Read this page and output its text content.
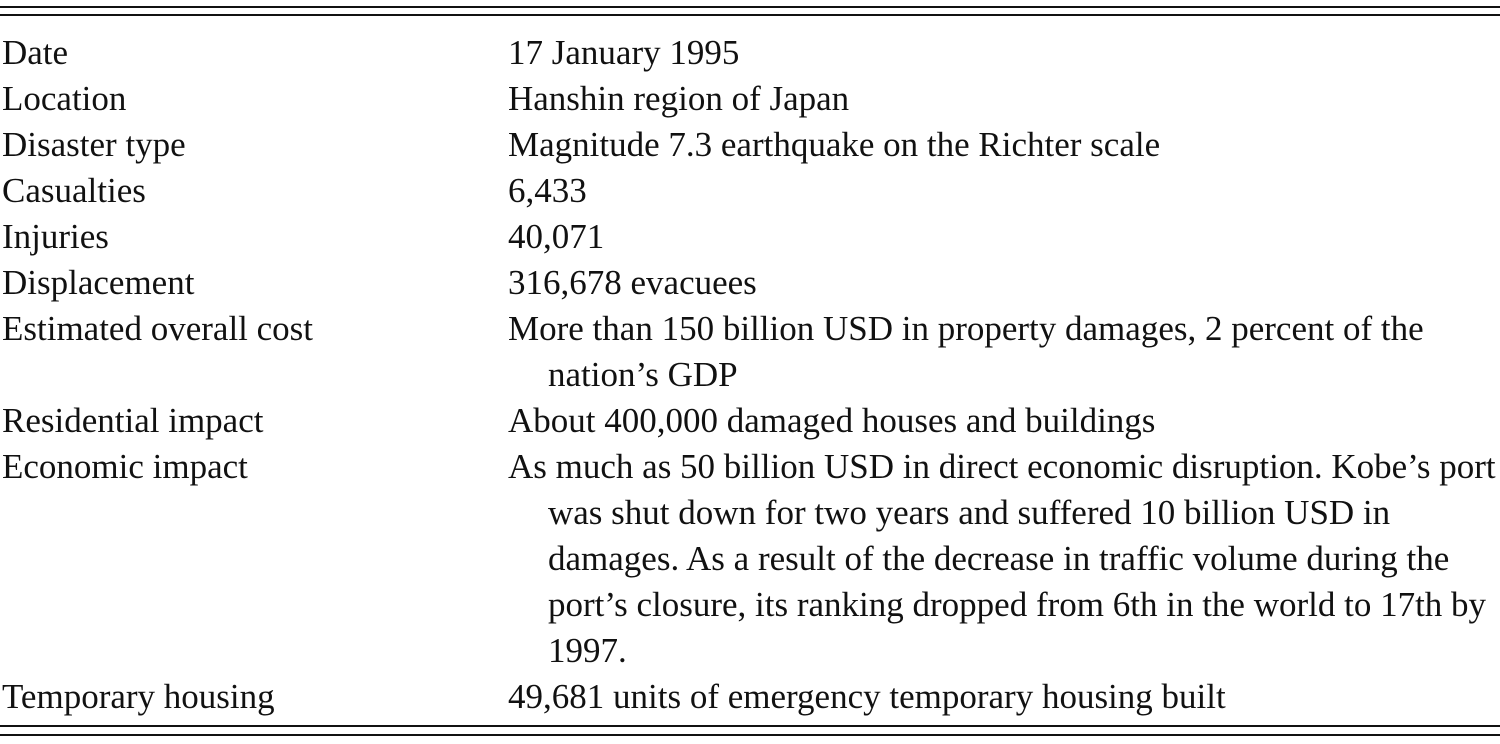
Date	17 January 1995
Location	Hanshin region of Japan
Disaster type	Magnitude 7.3 earthquake on the Richter scale
Casualties	6,433
Injuries	40,071
Displacement	316,678 evacuees
Estimated overall cost	More than 150 billion USD in property damages, 2 percent of the nation’s GDP
Residential impact	About 400,000 damaged houses and buildings
Economic impact	As much as 50 billion USD in direct economic disruption. Kobe’s port was shut down for two years and suffered 10 billion USD in damages. As a result of the decrease in traffic volume during the port’s closure, its ranking dropped from 6th in the world to 17th by 1997.
Temporary housing	49,681 units of emergency temporary housing built
